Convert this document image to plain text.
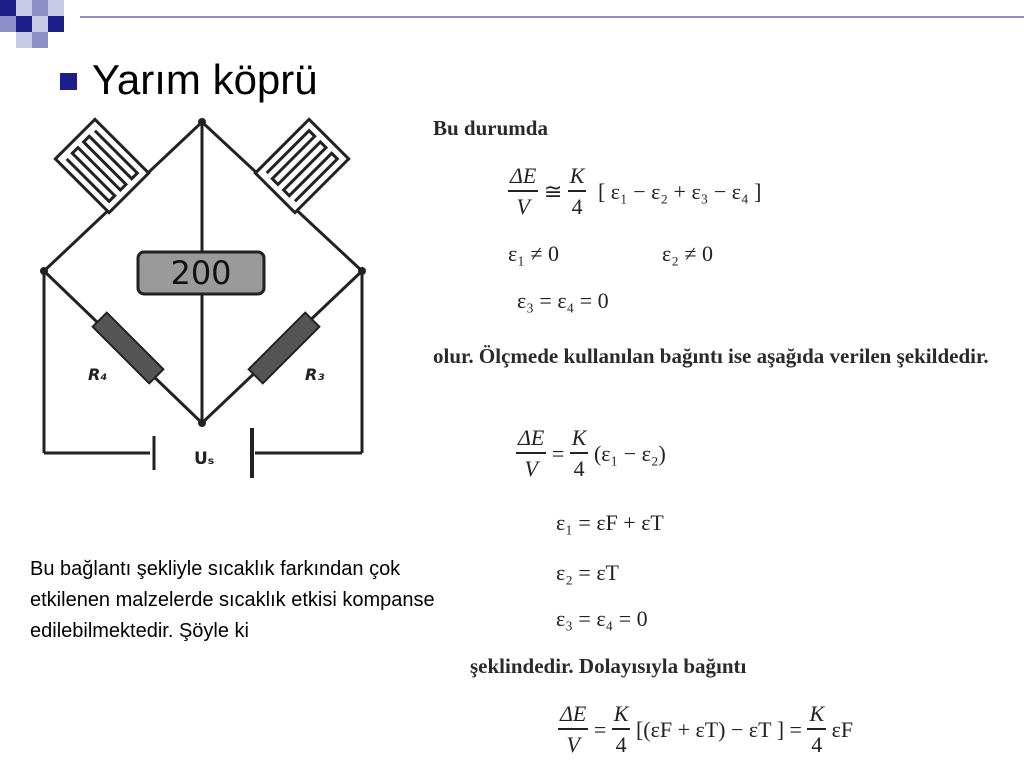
Yarım köprü
200
R₄	R₃
Uₛ
Bu bağlantı şekliyle sıcaklık farkından çok etkilenen malzelerde sıcaklık etkisi kompanse edilebilmektedir. Şöyle ki
Bu durumda
$\frac{\Delta E}{V}$ ≅ $\frac{K}{4}$ [ ε₁ − ε₂ + ε₃ − ε₄ ]
ε₁ ≠ 0	ε₂ ≠ 0
ε₃ = ε₄ = 0
olur. Ölçmede kullanılan bağıntı ise aşağıda verilen şekildedir.
$\frac{\Delta E}{V} = \frac{K}{4} (\varepsilon_1 - \varepsilon_2)$
ε₁ = εF + εT
ε₂ = εT
ε₃ = ε₄ = 0
şeklindedir. Dolayısıyla bağıntı
$\frac{\Delta E}{V} = \frac{K}{4} [(\varepsilon F + \varepsilon T) - \varepsilon T$ ] = $\frac{K}{4}$ εF
